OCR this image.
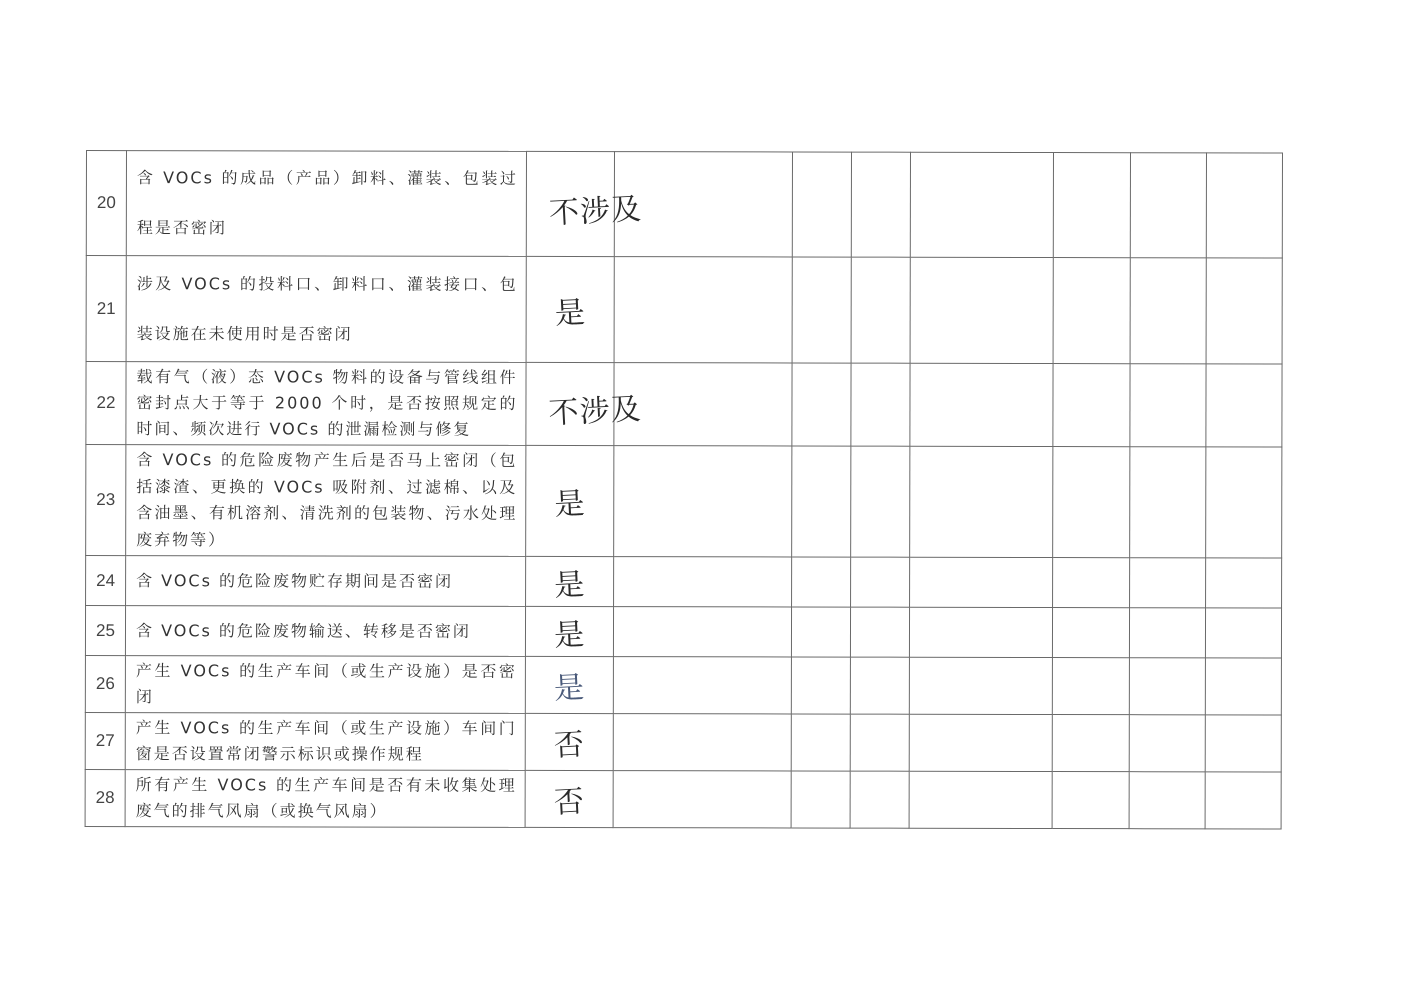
20	含 VOCs 的成品（产品）卸料、灌装、包装过程是否密闭	不涉及							
21	涉及 VOCs 的投料口、卸料口、灌装接口、包装设施在未使用时是否密闭	是							
22	载有气（液）态 VOCs 物料的设备与管线组件密封点大于等于 2000 个时，是否按照规定的时间、频次进行 VOCs 的泄漏检测与修复	不涉及							
23	含 VOCs 的危险废物产生后是否马上密闭（包括漆渣、更换的 VOCs 吸附剂、过滤棉、以及含油墨、有机溶剂、清洗剂的包装物、污水处理废弃物等）	是							
24	含 VOCs 的危险废物贮存期间是否密闭	是							
25	含 VOCs 的危险废物输送、转移是否密闭	是							
26	产生 VOCs 的生产车间（或生产设施）是否密闭	是							
27	产生 VOCs 的生产车间（或生产设施）车间门窗是否设置常闭警示标识或操作规程	否							
28	所有产生 VOCs 的生产车间是否有未收集处理废气的排气风扇（或换气风扇）	否							
